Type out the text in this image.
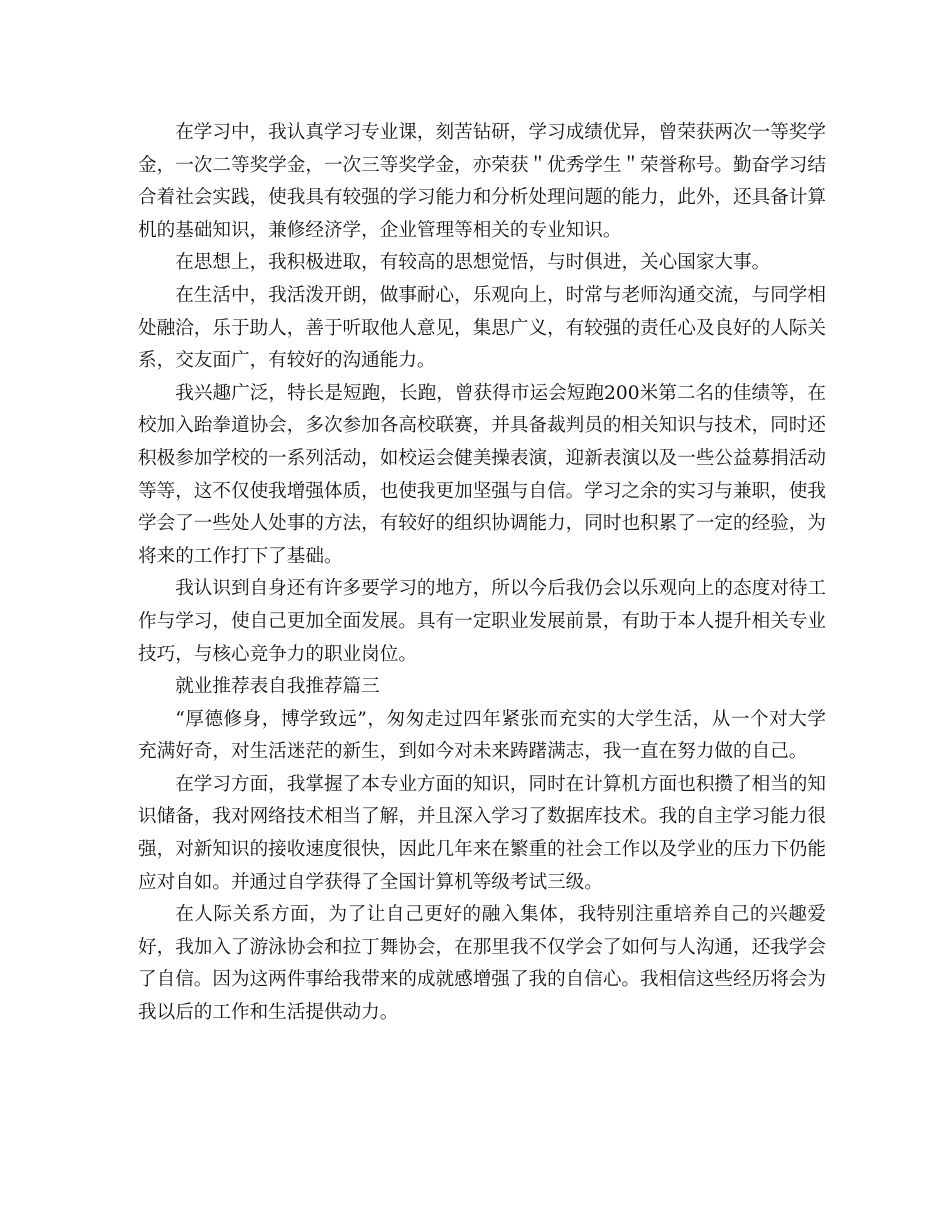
在学习中，我认真学习专业课，刻苦钻研，学习成绩优异，曾荣获两次一等奖学金，一次二等奖学金，一次三等奖学金，亦荣获＂优秀学生＂荣誉称号。勤奋学习结合着社会实践，使我具有较强的学习能力和分析处理问题的能力，此外，还具备计算机的基础知识，兼修经济学，企业管理等相关的专业知识。

在思想上，我积极进取，有较高的思想觉悟，与时俱进，关心国家大事。

在生活中，我活泼开朗，做事耐心，乐观向上，时常与老师沟通交流，与同学相处融洽，乐于助人，善于听取他人意见，集思广义，有较强的责任心及良好的人际关系，交友面广，有较好的沟通能力。

我兴趣广泛，特长是短跑，长跑，曾获得市运会短跑200米第二名的佳绩等，在校加入跆拳道协会，多次参加各高校联赛，并具备裁判员的相关知识与技术，同时还积极参加学校的一系列活动，如校运会健美操表演，迎新表演以及一些公益募捐活动等等，这不仅使我增强体质，也使我更加坚强与自信。学习之余的实习与兼职，使我学会了一些处人处事的方法，有较好的组织协调能力，同时也积累了一定的经验，为将来的工作打下了基础。

我认识到自身还有许多要学习的地方，所以今后我仍会以乐观向上的态度对待工作与学习，使自己更加全面发展。具有一定职业发展前景，有助于本人提升相关专业技巧，与核心竞争力的职业岗位。

就业推荐表自我推荐篇三

“厚德修身，博学致远”，匆匆走过四年紧张而充实的大学生活，从一个对大学充满好奇，对生活迷茫的新生，到如今对未来踌躇满志，我一直在努力做的自己。

在学习方面，我掌握了本专业方面的知识，同时在计算机方面也积攒了相当的知识储备，我对网络技术相当了解，并且深入学习了数据库技术。我的自主学习能力很强，对新知识的接收速度很快，因此几年来在繁重的社会工作以及学业的压力下仍能应对自如。并通过自学获得了全国计算机等级考试三级。

在人际关系方面，为了让自己更好的融入集体，我特别注重培养自己的兴趣爱好，我加入了游泳协会和拉丁舞协会，在那里我不仅学会了如何与人沟通，还我学会了自信。因为这两件事给我带来的成就感增强了我的自信心。我相信这些经历将会为我以后的工作和生活提供动力。
